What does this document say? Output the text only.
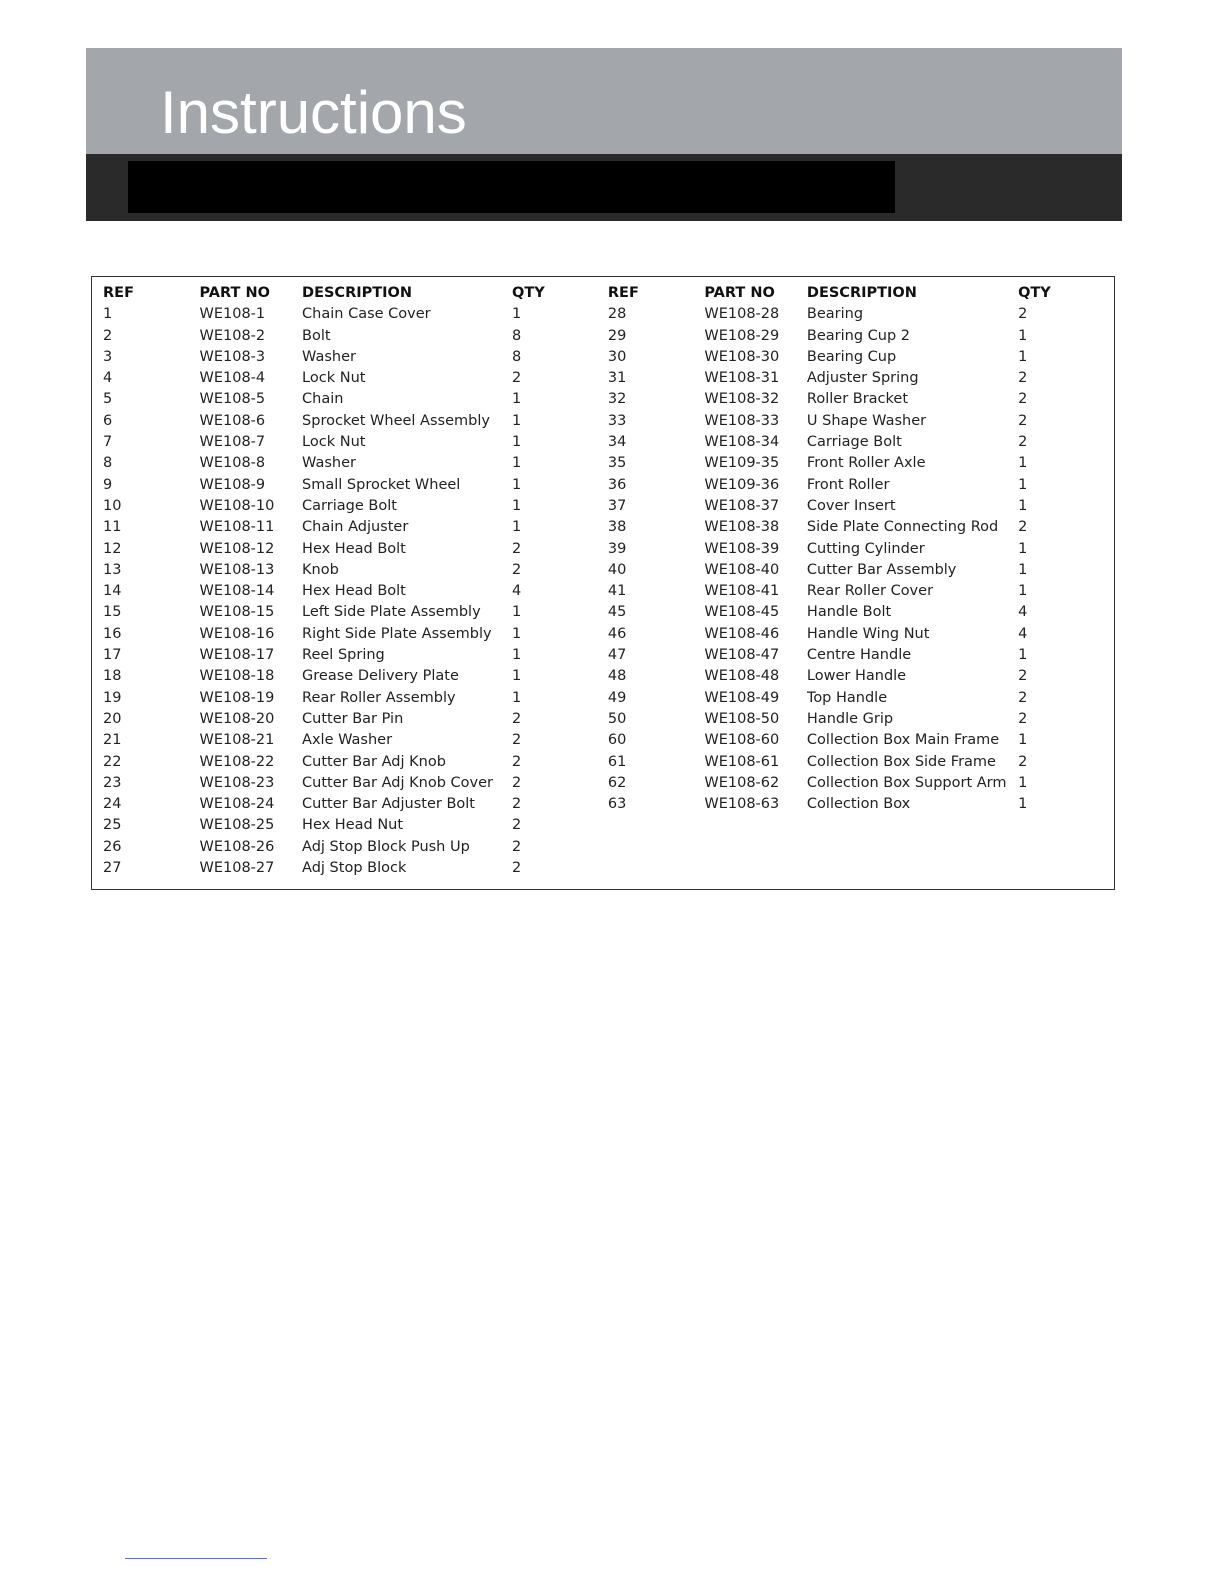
Instructions
REF	PART NO	DESCRIPTION	QTY	REF	PART NO	DESCRIPTION	QTY
1	WE108-1	Chain Case Cover	1	28	WE108-28	Bearing	2
2	WE108-2	Bolt	8	29	WE108-29	Bearing Cup 2	1
3	WE108-3	Washer	8	30	WE108-30	Bearing Cup	1
4	WE108-4	Lock Nut	2	31	WE108-31	Adjuster Spring	2
5	WE108-5	Chain	1	32	WE108-32	Roller Bracket	2
6	WE108-6	Sprocket Wheel Assembly	1	33	WE108-33	U Shape Washer	2
7	WE108-7	Lock Nut	1	34	WE108-34	Carriage Bolt	2
8	WE108-8	Washer	1	35	WE109-35	Front Roller Axle	1
9	WE108-9	Small Sprocket Wheel	1	36	WE109-36	Front Roller	1
10	WE108-10	Carriage Bolt	1	37	WE108-37	Cover Insert	1
11	WE108-11	Chain Adjuster	1	38	WE108-38	Side Plate Connecting Rod	2
12	WE108-12	Hex Head Bolt	2	39	WE108-39	Cutting Cylinder	1
13	WE108-13	Knob	2	40	WE108-40	Cutter Bar Assembly	1
14	WE108-14	Hex Head Bolt	4	41	WE108-41	Rear Roller Cover	1
15	WE108-15	Left Side Plate Assembly	1	45	WE108-45	Handle Bolt	4
16	WE108-16	Right Side Plate Assembly	1	46	WE108-46	Handle Wing Nut	4
17	WE108-17	Reel Spring	1	47	WE108-47	Centre Handle	1
18	WE108-18	Grease Delivery Plate	1	48	WE108-48	Lower Handle	2
19	WE108-19	Rear Roller Assembly	1	49	WE108-49	Top Handle	2
20	WE108-20	Cutter Bar Pin	2	50	WE108-50	Handle Grip	2
21	WE108-21	Axle Washer	2	60	WE108-60	Collection Box Main Frame	1
22	WE108-22	Cutter Bar Adj Knob	2	61	WE108-61	Collection Box Side Frame	2
23	WE108-23	Cutter Bar Adj Knob Cover	2	62	WE108-62	Collection Box Support Arm	1
24	WE108-24	Cutter Bar Adjuster Bolt	2	63	WE108-63	Collection Box	1
25	WE108-25	Hex Head Nut	2				
26	WE108-26	Adj Stop Block Push Up	2				
27	WE108-27	Adj Stop Block	2				
